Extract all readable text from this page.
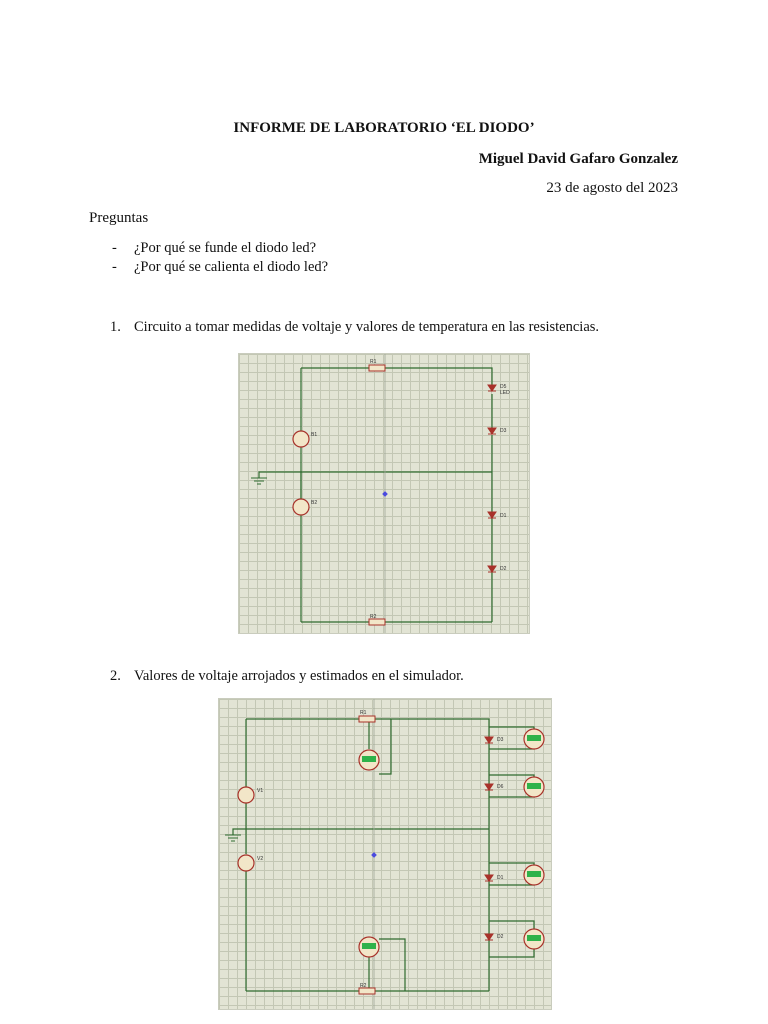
INFORME DE LABORATORIO ‘EL DIODO’
Miguel David Gafaro Gonzalez
23 de agosto del 2023
Preguntas
- ¿Por qué se funde el diodo led?
- ¿Por qué se calienta el diodo led?
1. Circuito a tomar medidas de voltaje y valores de temperatura en las resistencias.
R1
R2
B1
B2
D5
LED
D3
D1
D2
2. Valores de voltaje arrojados y estimados en el simulador.
R1
R2
V1
V2
D3
D6
D1
D2
